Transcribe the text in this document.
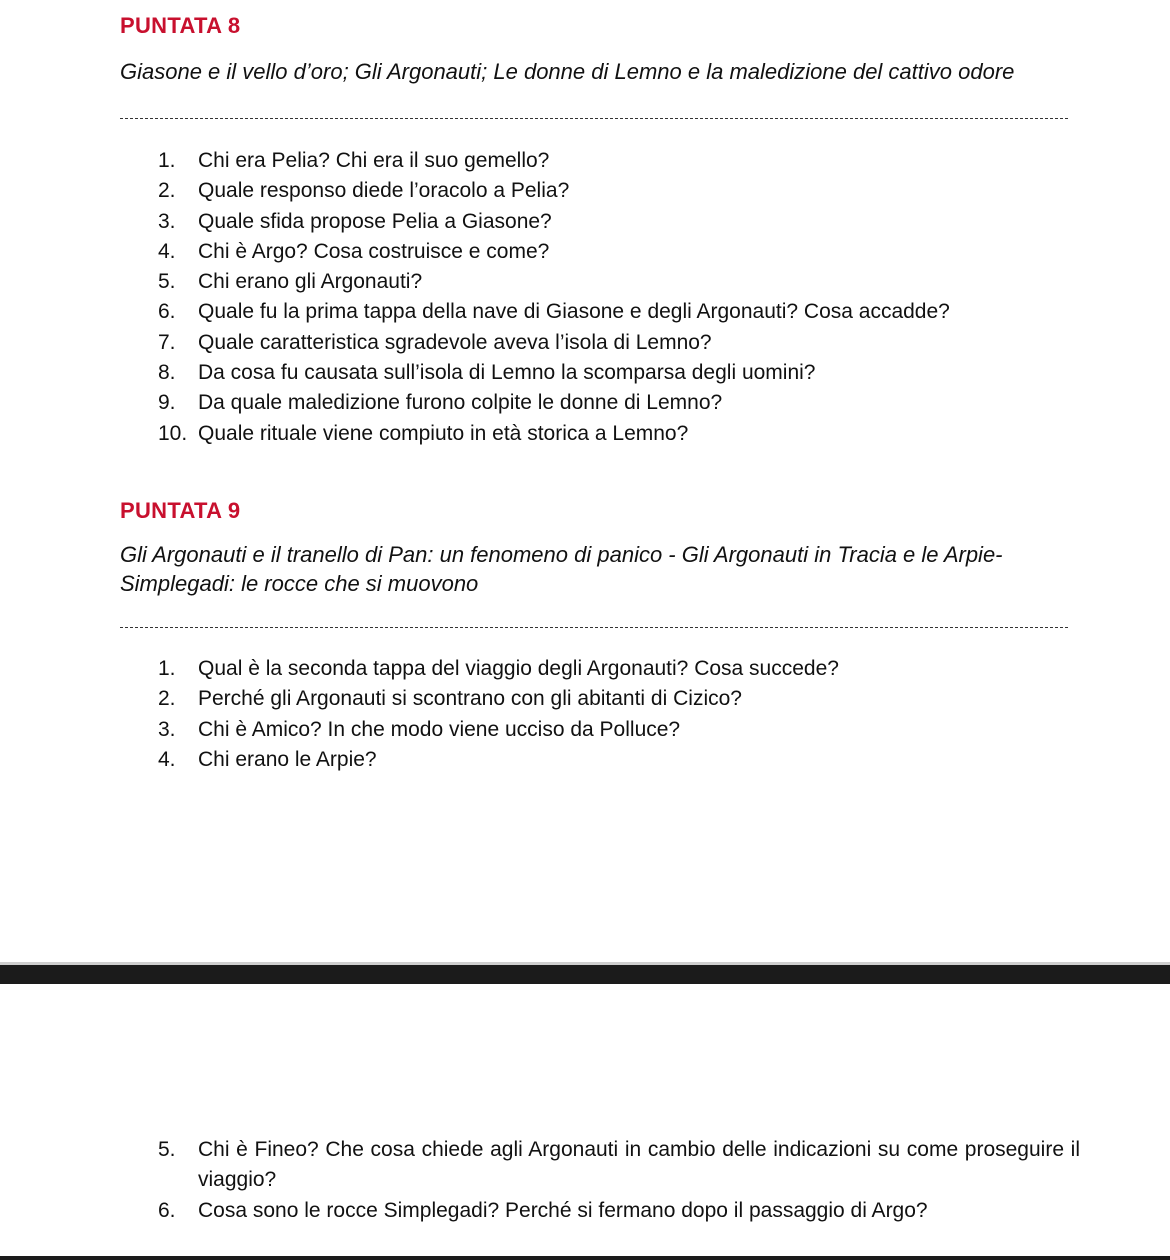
PUNTATA 8

Giasone e il vello d’oro; Gli Argonauti; Le donne di Lemno e la maledizione del cattivo odore

1. Chi era Pelia? Chi era il suo gemello?
2. Quale responso diede l’oracolo a Pelia?
3. Quale sfida propose Pelia a Giasone?
4. Chi è Argo? Cosa costruisce e come?
5. Chi erano gli Argonauti?
6. Quale fu la prima tappa della nave di Giasone e degli Argonauti? Cosa accadde?
7. Quale caratteristica sgradevole aveva l’isola di Lemno?
8. Da cosa fu causata sull’isola di Lemno la scomparsa degli uomini?
9. Da quale maledizione furono colpite le donne di Lemno?
10. Quale rituale viene compiuto in età storica a Lemno?
PUNTATA 9

Gli Argonauti e il tranello di Pan: un fenomeno di panico - Gli Argonauti in Tracia e le Arpie- Simplegadi: le rocce che si muovono

1. Qual è la seconda tappa del viaggio degli Argonauti? Cosa succede?
2. Perché gli Argonauti si scontrano con gli abitanti di Cizico?
3. Chi è Amico? In che modo viene ucciso da Polluce?
4. Chi erano le Arpie?
5. Chi è Fineo? Che cosa chiede agli Argonauti in cambio delle indicazioni su come proseguire il viaggio?
6. Cosa sono le rocce Simplegadi? Perché si fermano dopo il passaggio di Argo?
